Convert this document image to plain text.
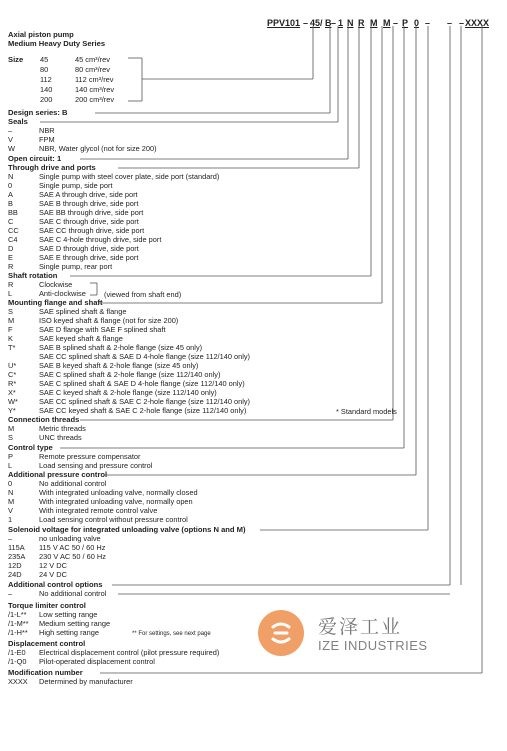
PPV101 – 45 / B – 1 N R M M – P 0 – – – XXXX
Axial piston pump
Medium Heavy Duty Series
Size 45	45 cm³/rev
80	80 cm³/rev
112	112 cm³/rev
140	140 cm³/rev
200	200 cm³/rev
Design series: B
Seals
–	NBR
V	FPM
W	NBR, Water glycol (not for size 200)
Open circuit: 1
Through drive and ports
N	Single pump with steel cover plate, side port (standard)
0	Single pump, side port
A	SAE A through drive, side port
B	SAE B through drive, side port
BB	SAE BB through drive, side port
C	SAE C through drive, side port
CC	SAE CC through drive, side port
C4	SAE C 4-hole through drive, side port
D	SAE D through drive, side port
E	SAE E through drive, side port
R	Single pump, rear port
Shaft rotation
R	Clockwise
L	Anti-clockwise (viewed from shaft end)
Mounting flange and shaft
S	SAE splined shaft & flange
M	ISO keyed shaft & flange (not for size 200)
F	SAE D flange with SAE F splined shaft
K	SAE keyed shaft & flange
T*	SAE B splined shaft & 2-hole flange (size 45 only)
SAE CC splined shaft & SAE D 4-hole flange (size 112/140 only)
U*	SAE B keyed shaft & 2-hole flange (size 45 only)
C*	SAE C splined shaft & 2-hole flange (size 112/140 only)
R*	SAE C splined shaft & SAE D 4-hole flange (size 112/140 only)
X*	SAE C keyed shaft & 2-hole flange (size 112/140 only)
W*	SAE CC splined shaft & SAE C 2-hole flange (size 112/140 only)
Y*	SAE CC keyed shaft & SAE C 2-hole flange (size 112/140 only)	* Standard models
Connection threads
M	Metric threads
S	UNC threads
Control type
P	Remote pressure compensator
L	Load sensing and pressure control
Additional pressure control
0	No additional control
N	With integrated unloading valve, normally closed
M	With integrated unloading valve, normally open
V	With integrated remote control valve
1	Load sensing control without pressure control
Solenoid voltage for integrated unloading valve (options N and M)
–	no unloading valve
115A 115 V AC 50 / 60 Hz
235A 230 V AC 50 / 60 Hz
12D 12 V DC
24D 24 V DC
Additional control options
–	No additional control
Torque limiter control
/1-L** Low setting range
/1-M** Medium setting range
/1-H** High setting range	** For settings, see next page
Displacement control
/1-E0 Electrical displacement control (pilot pressure required)
/1-Q0 Pilot-operated displacement control
Modification number
XXXX Determined by manufacturer
爱泽工业
IZE INDUSTRIES
